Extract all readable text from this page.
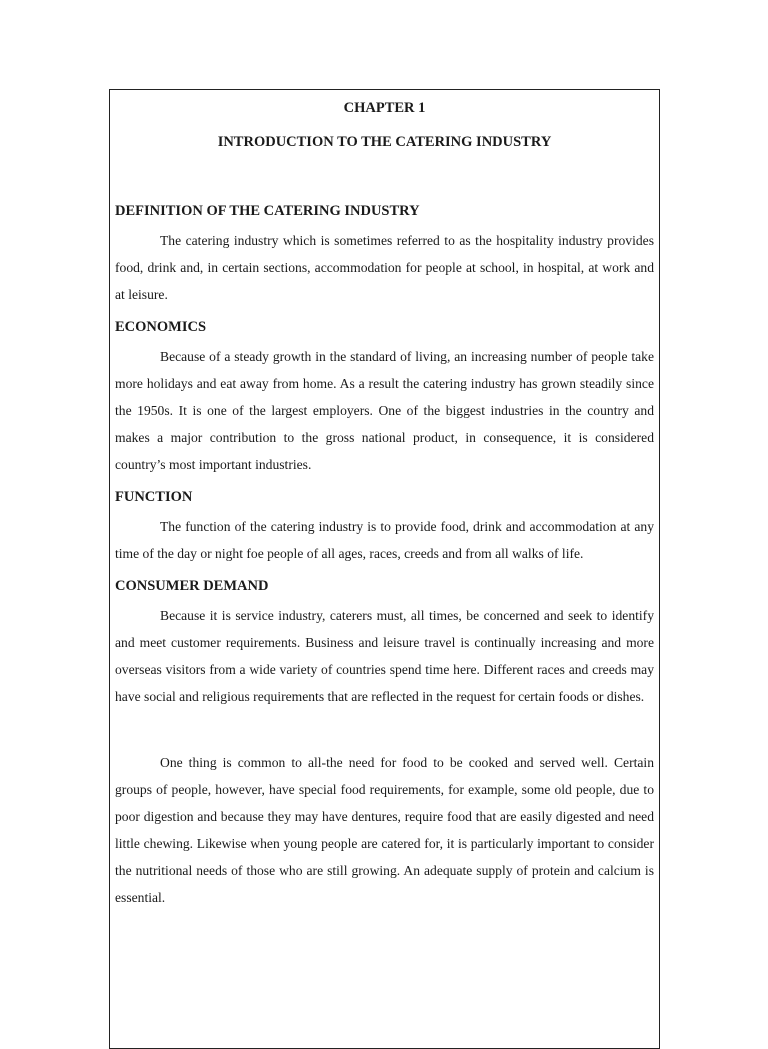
CHAPTER 1
INTRODUCTION TO THE CATERING INDUSTRY
DEFINITION OF THE CATERING INDUSTRY

The catering industry which is sometimes referred to as the hospitality industry provides food, drink and, in certain sections, accommodation for people at school, in hospital, at work and at leisure.

ECONOMICS

Because of a steady growth in the standard of living, an increasing number of people take more holidays and eat away from home. As a result the catering industry has grown steadily since the 1950s. It is one of the largest employers. One of the biggest industries in the country and makes a major contribution to the gross national product, in consequence, it is considered country’s most important industries.

FUNCTION

The function of the catering industry is to provide food, drink and accommodation at any time of the day or night foe people of all ages, races, creeds and from all walks of life.

CONSUMER DEMAND

Because it is service industry, caterers must, all times, be concerned and seek to identify and meet customer requirements. Business and leisure travel is continually increasing and more overseas visitors from a wide variety of countries spend time here. Different races and creeds may have social and religious requirements that are reflected in the request for certain foods or dishes.

One thing is common to all-the need for food to be cooked and served well. Certain groups of people, however, have special food requirements, for example, some old people, due to poor digestion and because they may have dentures, require food that are easily digested and need little chewing. Likewise when young people are catered for, it is particularly important to consider the nutritional needs of those who are still growing. An adequate supply of protein and calcium is essential.
